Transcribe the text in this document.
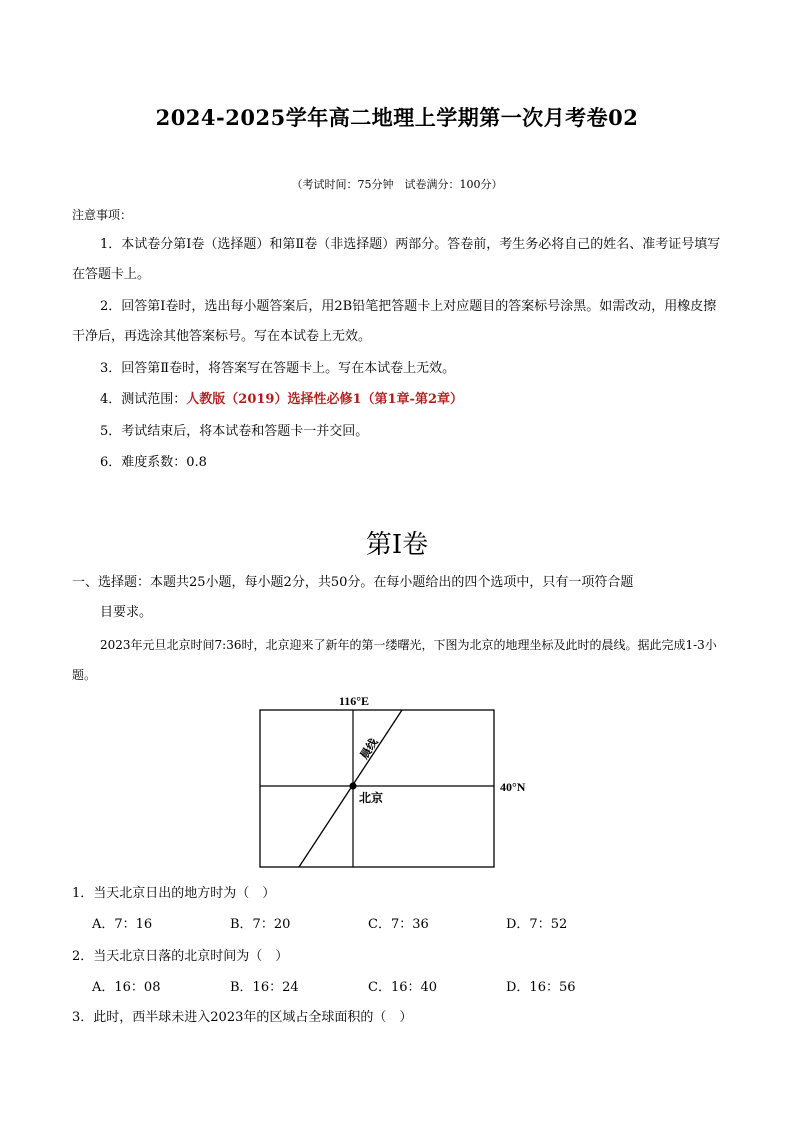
2024-2025学年高二地理上学期第一次月考卷02
（考试时间：75分钟　试卷满分：100分）
注意事项：
1．本试卷分第Ⅰ卷（选择题）和第Ⅱ卷（非选择题）两部分。答卷前，考生务必将自己的姓名、准考证号填写在答题卡上。
2．回答第Ⅰ卷时，选出每小题答案后，用2B铅笔把答题卡上对应题目的答案标号涂黑。如需改动，用橡皮擦干净后，再选涂其他答案标号。写在本试卷上无效。
3．回答第Ⅱ卷时，将答案写在答题卡上。写在本试卷上无效。
4．测试范围：人教版（2019）选择性必修1（第1章-第2章）
5．考试结束后，将本试卷和答题卡一并交回。
6．难度系数：0.8
第Ⅰ卷
一、选择题：本题共25小题，每小题2分，共50分。在每小题给出的四个选项中，只有一项符合题
目要求。
2023年元旦北京时间7:36时，北京迎来了新年的第一缕曙光，下图为北京的地理坐标及此时的晨线。据此完成1-3小题。
116°E
北京
晨线
40°N
1．当天北京日出的地方时为（　）
A．7：16	B．7：20	C．7：36	D．7：52
2．当天北京日落的北京时间为（　）
A．16：08	B．16：24	C．16：40	D．16：56
3．此时，西半球未进入2023年的区域占全球面积的（　）
